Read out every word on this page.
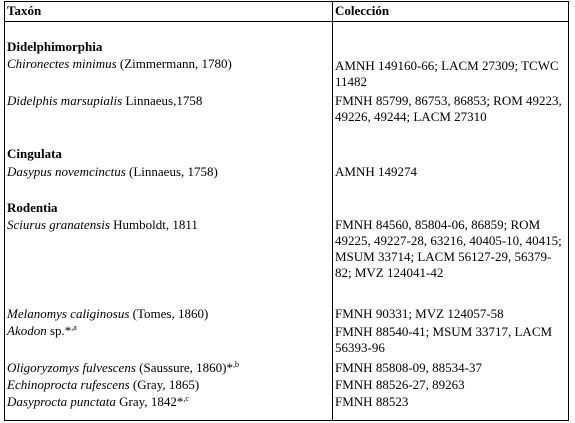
Taxón	Colección
Didelphimorphia
Chironectes minimus (Zimmermann, 1780)	AMNH 149160-66; LACM 27309; TCWC 11482
Didelphis marsupialis Linnaeus,1758	FMNH 85799, 86753, 86853; ROM 49223, 49226, 49244; LACM 27310
Cingulata
Dasypus novemcinctus (Linnaeus, 1758)	AMNH 149274
Rodentia
Sciurus granatensis Humboldt, 1811	FMNH 84560, 85804-06, 86859; ROM 49225, 49227-28, 63216, 40405-10, 40415; MSUM 33714; LACM 56127-29, 56379-82; MVZ 124041-42
Melanomys caliginosus (Tomes, 1860)	FMNH 90331; MVZ 124057-58
Akodon sp.*$^{,a}$	FMNH 88540-41; MSUM 33717, LACM 56393-96
Oligoryzomys fulvescens (Saussure, 1860)*$^{,b}$	FMNH 85808-09, 88534-37
Echinoprocta rufescens (Gray, 1865)	FMNH 88526-27, 89263
Dasyprocta punctata Gray, 1842*$^{,c}$	FMNH 88523
